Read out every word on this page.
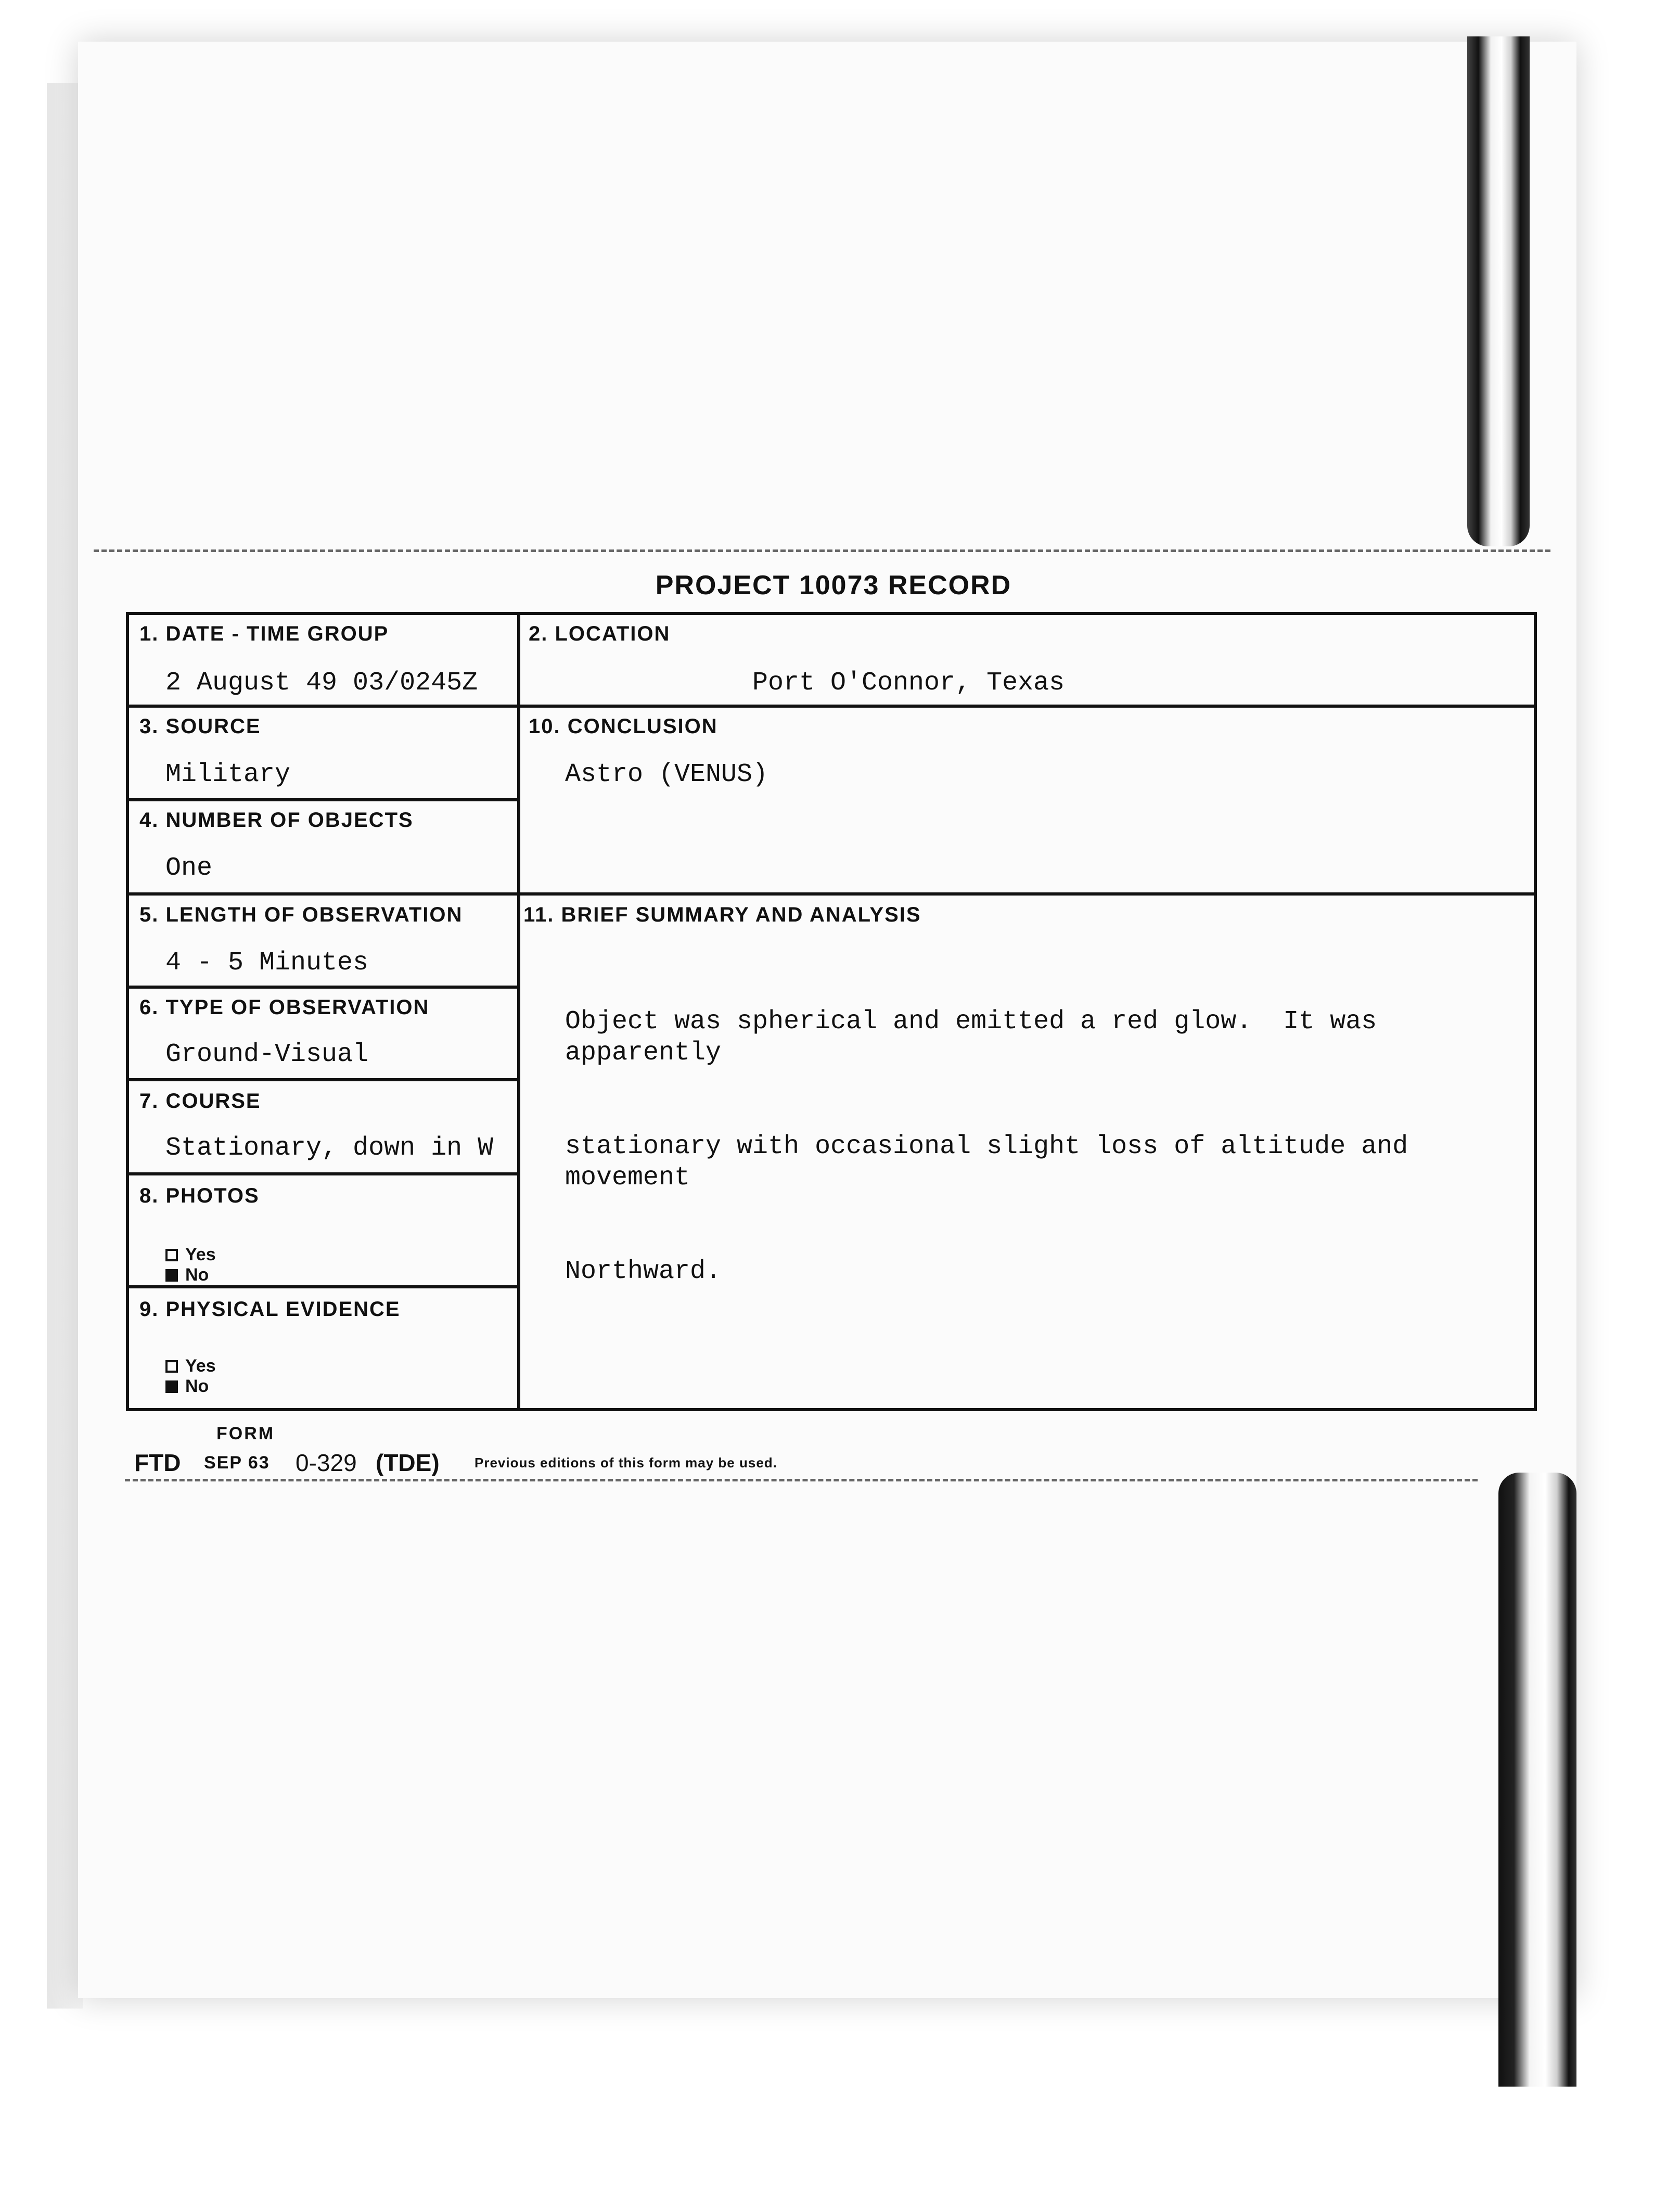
PROJECT 10073 RECORD
1. DATE - TIME GROUP
2 August 49 03/0245Z
2. LOCATION
Port O'Connor, Texas
3. SOURCE
Military
10. CONCLUSION
Astro (VENUS)
4. NUMBER OF OBJECTS
One
5. LENGTH OF OBSERVATION
4 - 5 Minutes
11. BRIEF SUMMARY AND ANALYSIS

Object was spherical and emitted a red glow.  It was apparently

stationary with occasional slight loss of altitude and movement

Northward.

6. TYPE OF OBSERVATION
Ground-Visual
7. COURSE
Stationary, down in W
8. PHOTOS
Yes
No
9. PHYSICAL EVIDENCE
Yes
No
FORM
FTD SEP 63 0-329 (TDE)	Previous editions of this form may be used.
